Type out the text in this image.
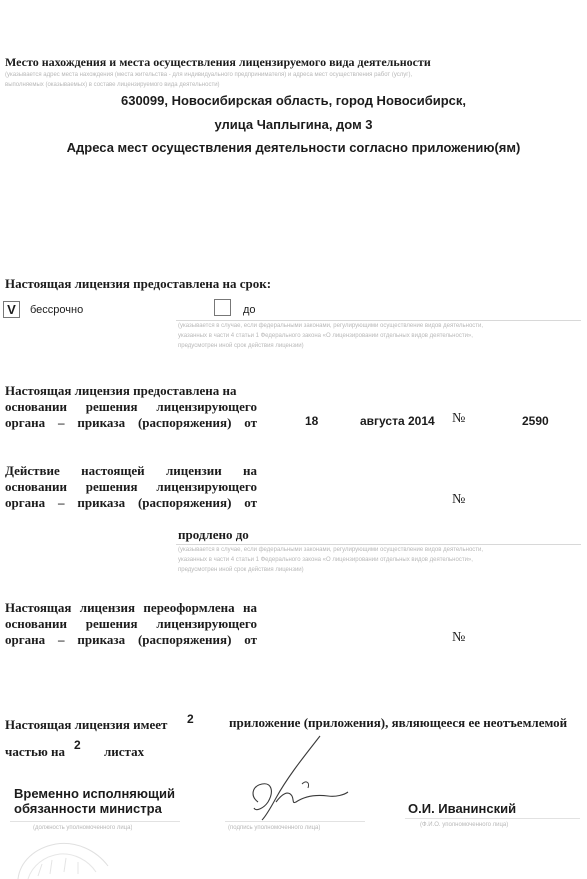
Место нахождения и места осуществления лицензируемого вида деятельности
(указывается адрес места нахождения (места жительства - для индивидуального предпринимателя) и адреса мест осуществления работ (услуг),
выполняемых (оказываемых) в составе лицензируемого вида деятельности)
630099, Новосибирская область, город Новосибирск,
улица Чаплыгина, дом 3
Адреса мест осуществления деятельности согласно приложению(ям)
Настоящая лицензия предоставлена на срок:
V	бессрочно	до
(указывается в случае, если федеральными законами, регулирующими осуществление видов деятельности,
указанных в части 4 статьи 1 Федерального закона «О лицензировании отдельных видов деятельности»,
предусмотрен иной срок действия лицензии)
Настоящая лицензия предоставлена на
основании решения лицензирующего
органа – приказа (распоряжения) от	18	августа 2014 №	2590
Действие настоящей лицензии на
основании решения лицензирующего
органа – приказа (распоряжения) от	№
продлено до
(указывается в случае, если федеральными законами, регулирующими осуществление видов деятельности,
указанных в части 4 статьи 1 Федерального закона «О лицензировании отдельных видов деятельности»,
предусмотрен иной срок действия лицензии)
Настоящая лицензия переоформлена на
основании решения лицензирующего
органа – приказа (распоряжения) от	№
Настоящая лицензия имеет 2	приложение (приложения), являющееся ее неотъемлемой
частью на 2 листах
Временно исполняющий
обязанности министра
(должность уполномоченного лица)	(подпись уполномоченного лица)
О.И. Иванинский
(Ф.И.О. уполномоченного лица)
